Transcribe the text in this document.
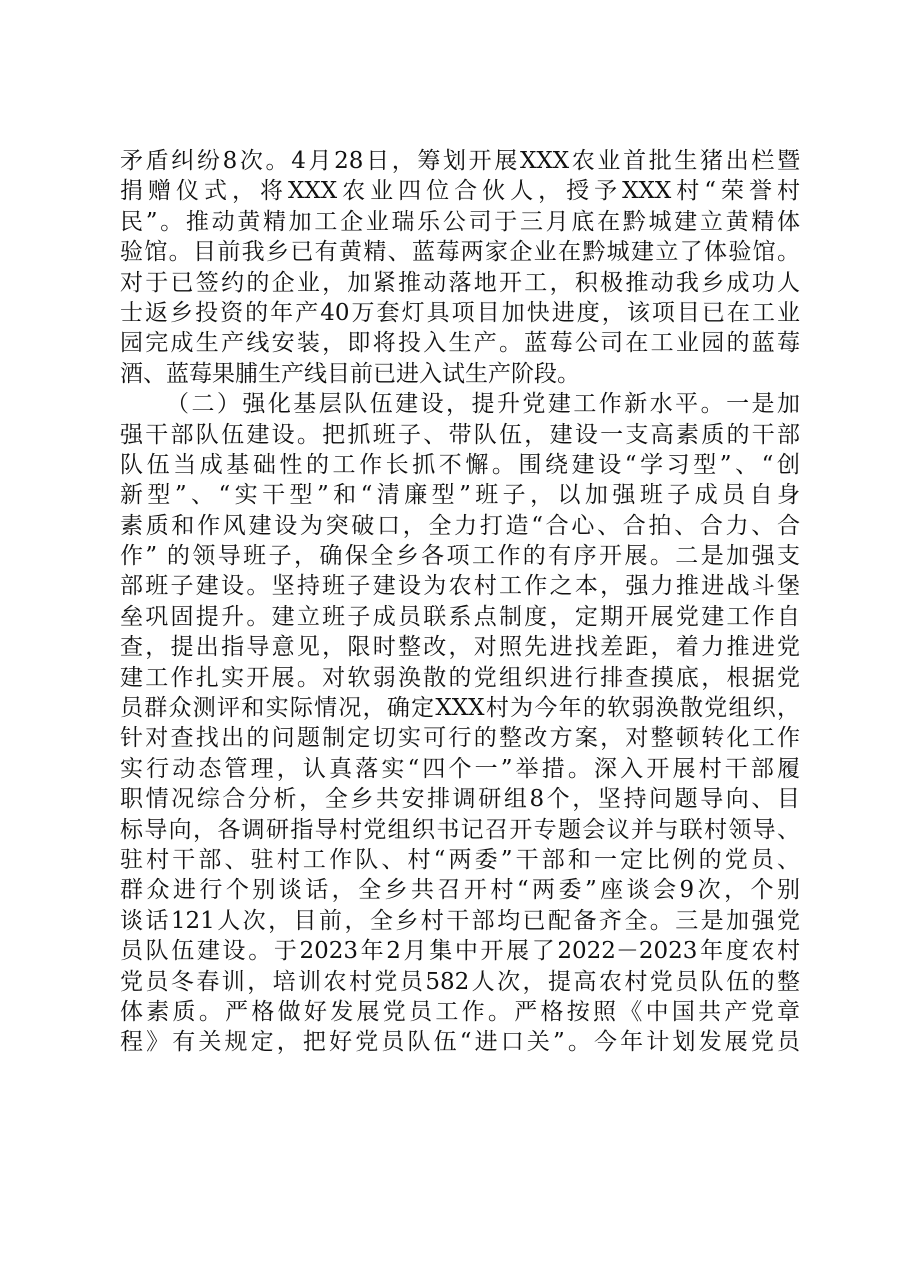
矛盾纠纷8次。4月28日，筹划开展XXX农业首批生猪出栏暨
捐赠仪式，将XXX农业四位合伙人，授予XXX村“荣誉村
民”。推动黄精加工企业瑞乐公司于三月底在黔城建立黄精体
验馆。目前我乡已有黄精、蓝莓两家企业在黔城建立了体验馆。
对于已签约的企业，加紧推动落地开工，积极推动我乡成功人
士返乡投资的年产40万套灯具项目加快进度，该项目已在工业
园完成生产线安装，即将投入生产。蓝莓公司在工业园的蓝莓
酒、蓝莓果脯生产线目前已进入试生产阶段。
（二）强化基层队伍建设，提升党建工作新水平。一是加
强干部队伍建设。把抓班子、带队伍，建设一支高素质的干部
队伍当成基础性的工作长抓不懈。围绕建设“学习型”、“创
新型”、“实干型”和“清廉型”班子，以加强班子成员自身
素质和作风建设为突破口，全力打造“合心、合拍、合力、合
作” 的领导班子，确保全乡各项工作的有序开展。二是加强支
部班子建设。坚持班子建设为农村工作之本，强力推进战斗堡
垒巩固提升。建立班子成员联系点制度，定期开展党建工作自
查，提出指导意见，限时整改，对照先进找差距，着力推进党
建工作扎实开展。对软弱涣散的党组织进行排查摸底，根据党
员群众测评和实际情况，确定XXX村为今年的软弱涣散党组织，
针对查找出的问题制定切实可行的整改方案，对整顿转化工作
实行动态管理，认真落实“四个一”举措。深入开展村干部履
职情况综合分析，全乡共安排调研组8个，坚持问题导向、目
标导向，各调研指导村党组织书记召开专题会议并与联村领导、
驻村干部、驻村工作队、村“两委”干部和一定比例的党员、
群众进行个别谈话，全乡共召开村“两委”座谈会9次，个别
谈话121人次，目前，全乡村干部均已配备齐全。三是加强党
员队伍建设。于2023年2月集中开展了2022－2023年度农村
党员冬春训，培训农村党员582人次，提高农村党员队伍的整
体素质。严格做好发展党员工作。严格按照《中国共产党章
程》有关规定，把好党员队伍“进口关”。今年计划发展党员
